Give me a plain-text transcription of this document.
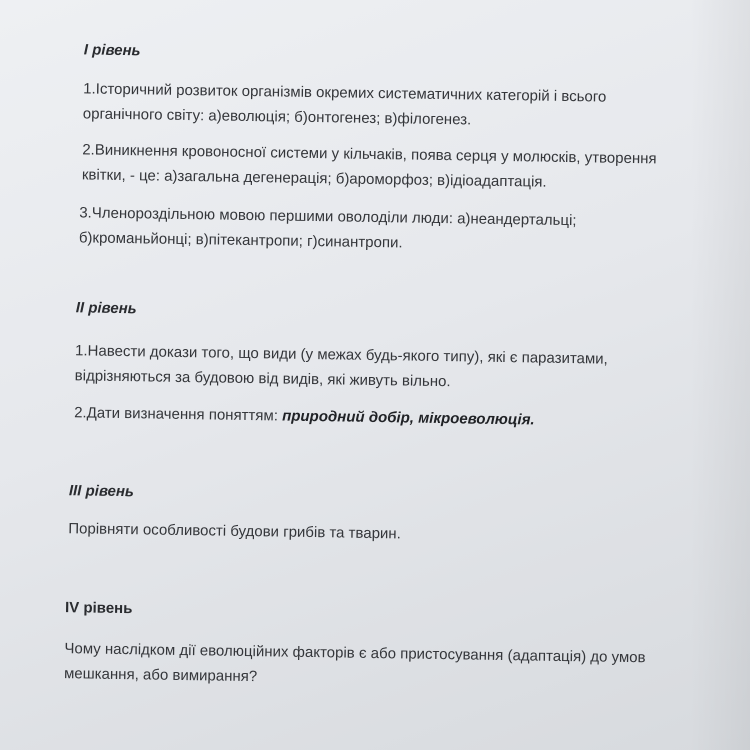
І рівень
1.Історичний розвиток організмів окремих систематичних категорій і всього органічного світу: а)еволюція; б)онтогенез; в)філогенез.
2.Виникнення кровоносної системи у кільчаків, поява серця у молюсків, утворення квітки, - це: а)загальна дегенерація; б)ароморфоз; в)ідіоадаптація.
3.Членороздільною мовою першими оволоділи люди: а)неандертальці; б)кроманьйонці; в)пітекантропи; г)синантропи.
ІІ рівень
1.Навести докази того, що види (у межах будь-якого типу), які є паразитами, відрізняються за будовою від видів, які живуть вільно.
2.Дати визначення поняттям: природний добір, мікроеволюція.
ІІІ рівень
Порівняти особливості будови грибів та тварин.
ІV рівень
Чому наслідком дії еволюційних факторів є або пристосування (адаптація) до умов мешкання, або вимирання?
